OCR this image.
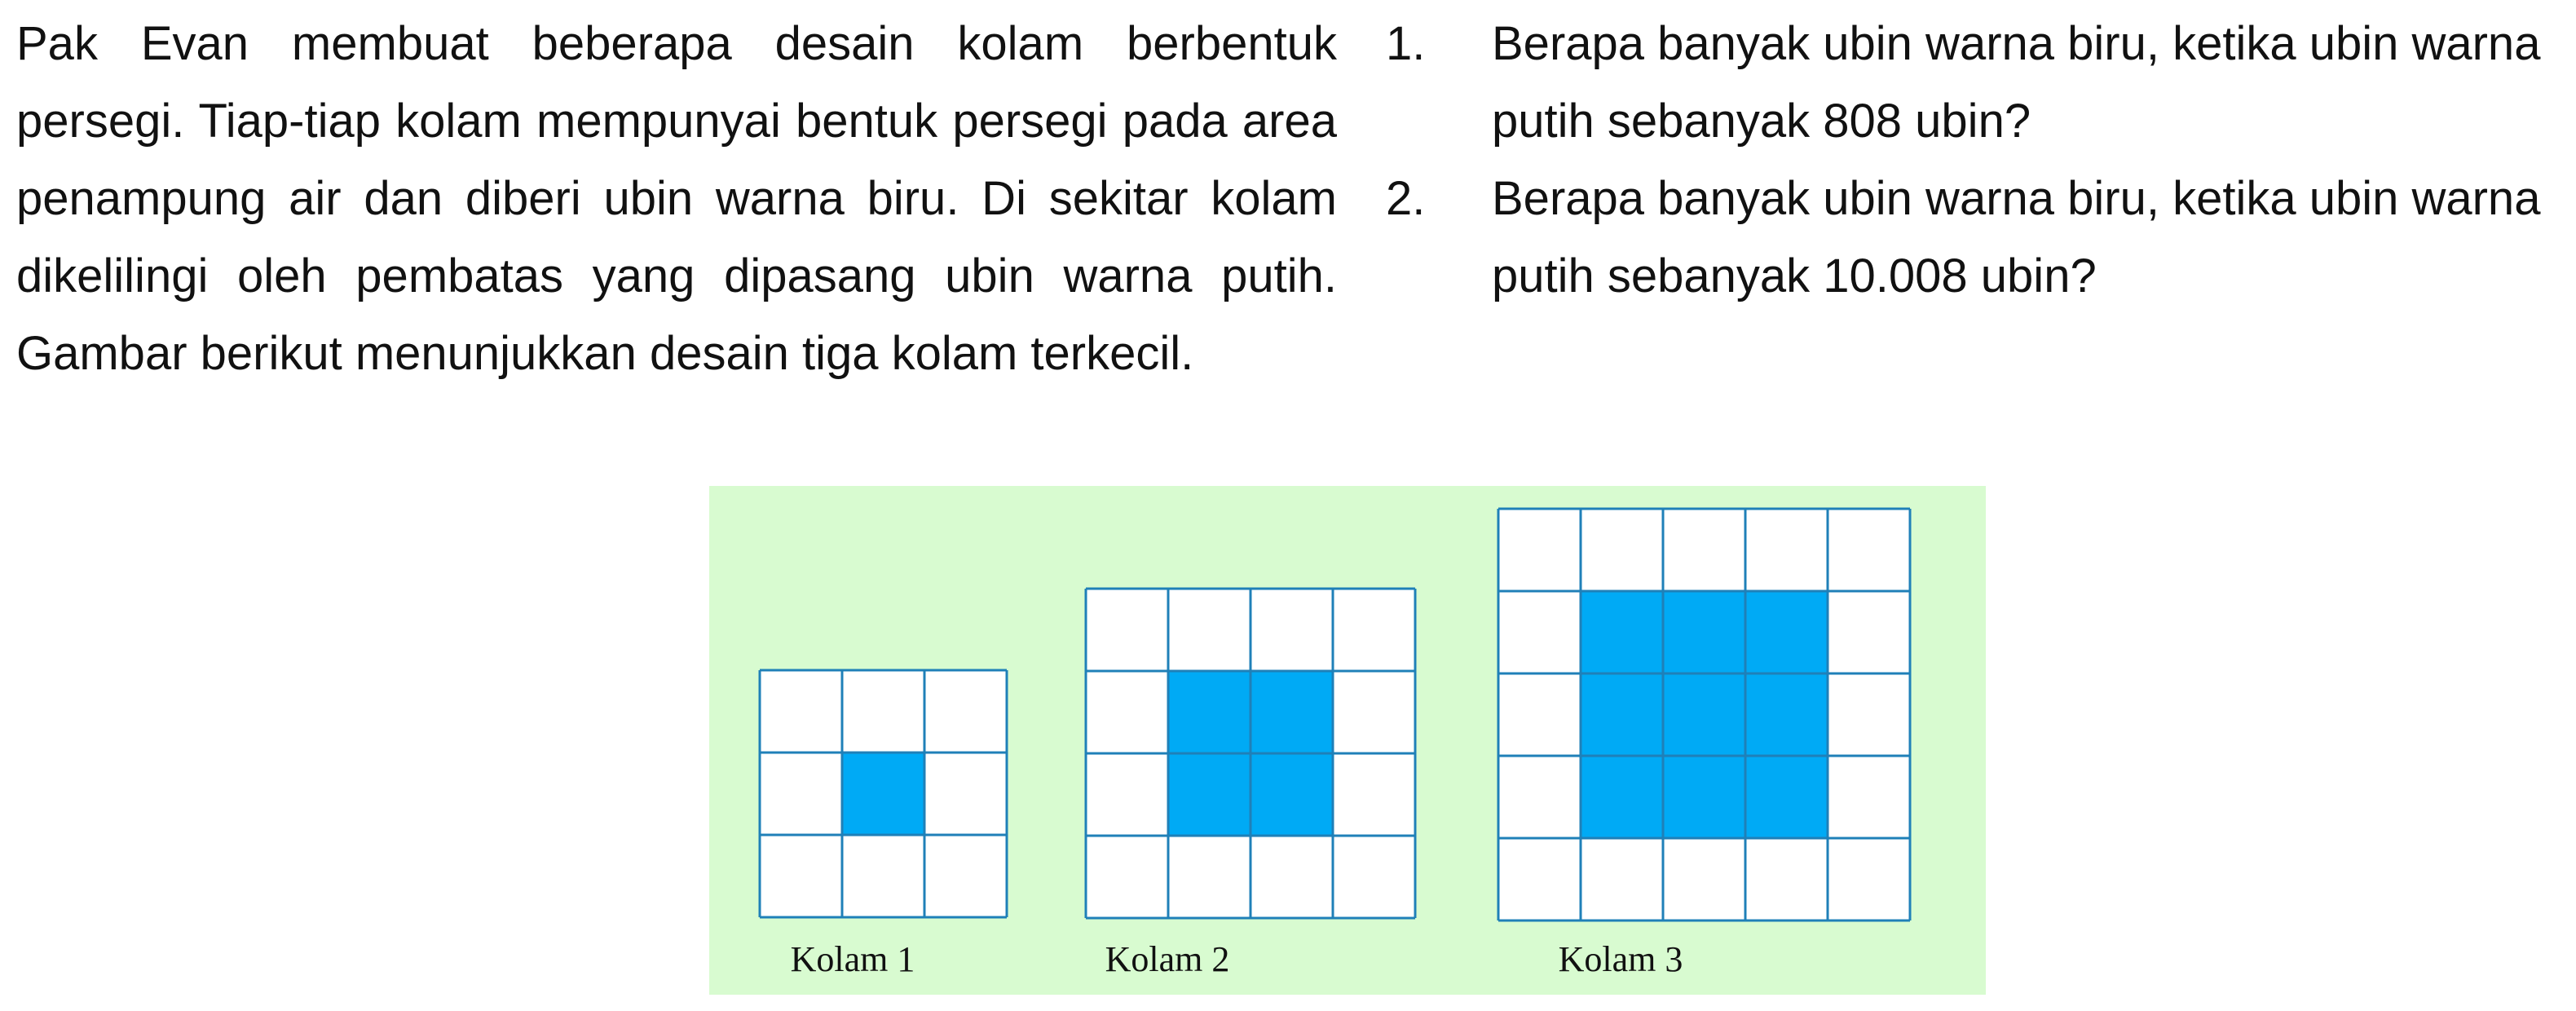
Pak Evan membuat beberapa desain kolam berbentuk persegi. Tiap-tiap kolam mempunyai bentuk persegi pada area penampung air dan diberi ubin warna biru. Di sekitar kolam dikelilingi oleh pembatas yang dipasang ubin warna putih. Gambar berikut menunjukkan desain tiga kolam terkecil.

1.	Berapa banyak ubin warna biru, ketika ubin warna putih sebanyak 808 ubin?
2.	Berapa banyak ubin warna biru, ketika ubin warna putih sebanyak 10.008 ubin?
Kolam 1	Kolam 2	Kolam 3
